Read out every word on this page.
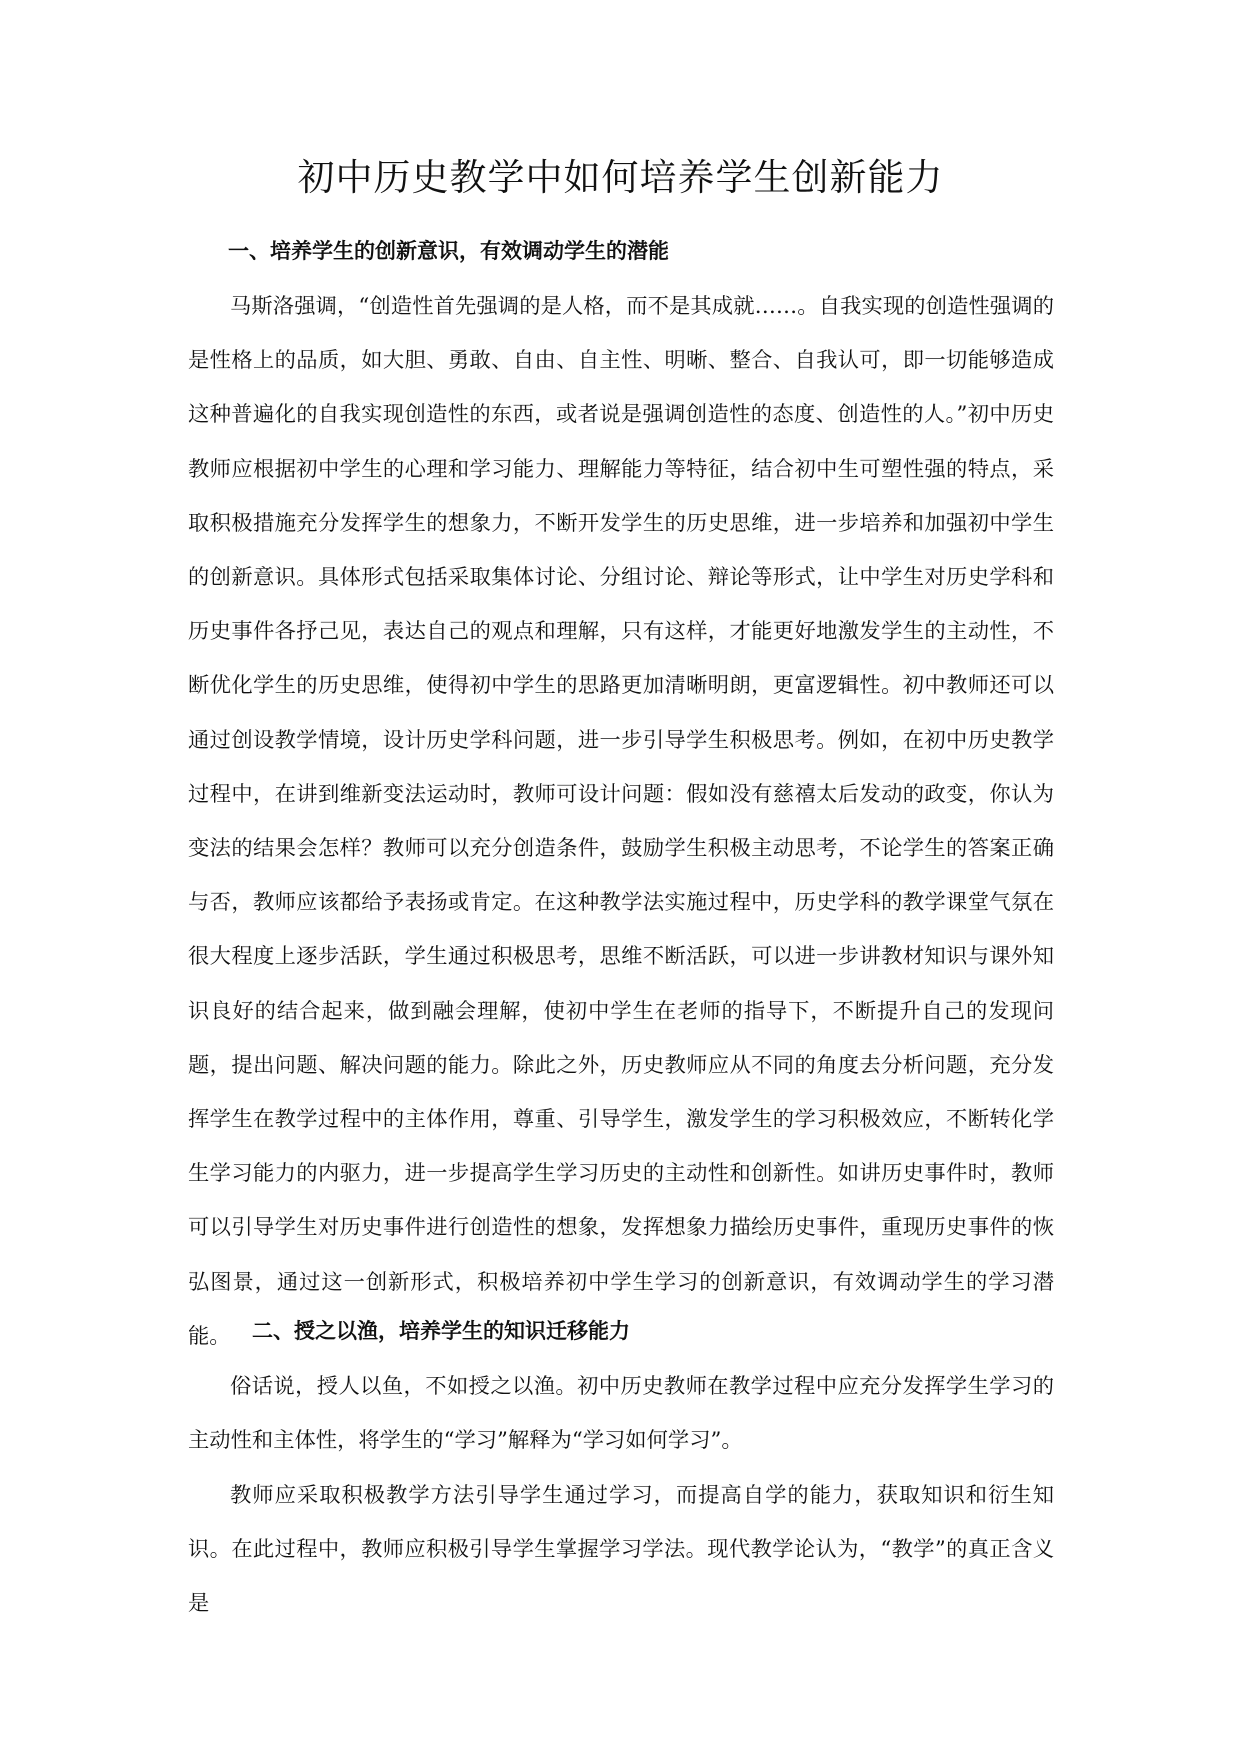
初中历史教学中如何培养学生创新能力
一、培养学生的创新意识，有效调动学生的潜能

马斯洛强调，“创造性首先强调的是人格，而不是其成就……。自我实现的创造性强调的是性格上的品质，如大胆、勇敢、自由、自主性、明晰、整合、自我认可，即一切能够造成这种普遍化的自我实现创造性的东西，或者说是强调创造性的态度、创造性的人。”初中历史教师应根据初中学生的心理和学习能力、理解能力等特征，结合初中生可塑性强的特点，采取积极措施充分发挥学生的想象力，不断开发学生的历史思维，进一步培养和加强初中学生的创新意识。具体形式包括采取集体讨论、分组讨论、辩论等形式，让中学生对历史学科和历史事件各抒己见，表达自己的观点和理解，只有这样，才能更好地激发学生的主动性，不断优化学生的历史思维，使得初中学生的思路更加清晰明朗，更富逻辑性。初中教师还可以通过创设教学情境，设计历史学科问题，进一步引导学生积极思考。例如，在初中历史教学过程中，在讲到维新变法运动时，教师可设计问题：假如没有慈禧太后发动的政变，你认为变法的结果会怎样？教师可以充分创造条件，鼓励学生积极主动思考，不论学生的答案正确与否，教师应该都给予表扬或肯定。在这种教学法实施过程中，历史学科的教学课堂气氛在很大程度上逐步活跃，学生通过积极思考，思维不断活跃，可以进一步讲教材知识与课外知识良好的结合起来，做到融会理解，使初中学生在老师的指导下，不断提升自己的发现问题，提出问题、解决问题的能力。除此之外，历史教师应从不同的角度去分析问题，充分发挥学生在教学过程中的主体作用，尊重、引导学生，激发学生的学习积极效应，不断转化学生学习能力的内驱力，进一步提高学生学习历史的主动性和创新性。如讲历史事件时，教师可以引导学生对历史事件进行创造性的想象，发挥想象力描绘历史事件，重现历史事件的恢弘图景，通过这一创新形式，积极培养初中学生学习的创新意识，有效调动学生的学习潜能。	二、授之以渔，培养学生的知识迁移能力

俗话说，授人以鱼，不如授之以渔。初中历史教师在教学过程中应充分发挥学生学习的主动性和主体性，将学生的“学习”解释为“学习如何学习”。

教师应采取积极教学方法引导学生通过学习，而提高自学的能力，获取知识和衍生知识。在此过程中，教师应积极引导学生掌握学习学法。现代教学论认为，“教学”的真正含义是
